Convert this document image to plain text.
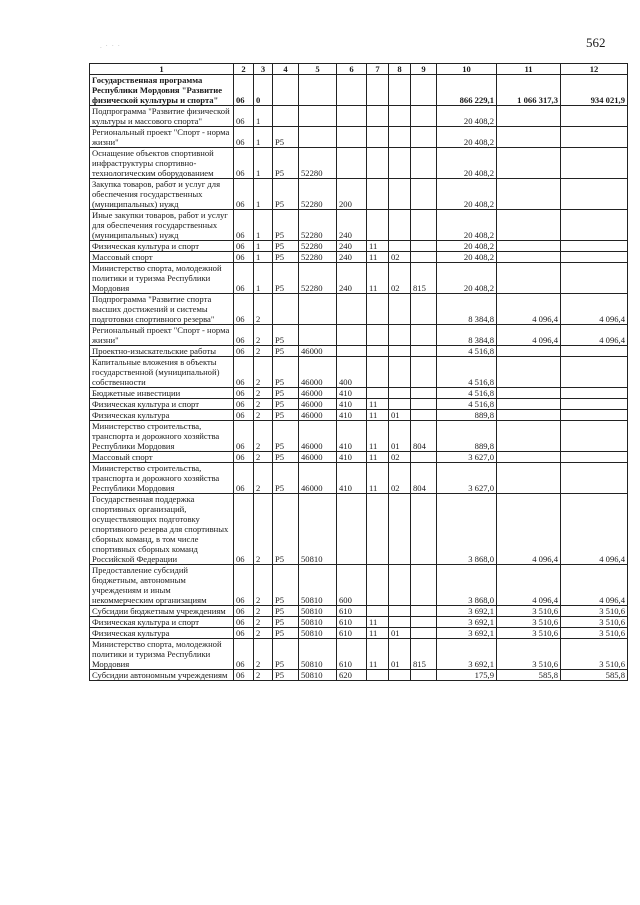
562
. · · ·
1	2	3	4	5	6	7	8	9	10	11	12
Государственная программа Республики Мордовия "Развитие физической культуры и спорта"	06	0							866 229,1	1 066 317,3	934 021,9
Подпрограмма "Развитие физической культуры и массового спорта"	06	1							20 408,2		
Региональный проект "Спорт - норма жизни"	06	1	P5						20 408,2		
Оснащение объектов спортивной инфраструктуры спортивно-технологическим оборудованием	06	1	P5	52280					20 408,2		
Закупка товаров, работ и услуг для обеспечения государственных (муниципальных) нужд	06	1	P5	52280	200				20 408,2		
Иные закупки товаров, работ и услуг для обеспечения государственных (муниципальных) нужд	06	1	P5	52280	240				20 408,2		
Физическая культура и спорт	06	1	P5	52280	240	11			20 408,2		
Массовый спорт	06	1	P5	52280	240	11	02		20 408,2		
Министерство спорта, молодежной политики и туризма Республики Мордовия	06	1	P5	52280	240	11	02	815	20 408,2		
Подпрограмма "Развитие спорта высших достижений и системы подготовки спортивного резерва"	06	2							8 384,8	4 096,4	4 096,4
Региональный проект "Спорт - норма жизни"	06	2	P5						8 384,8	4 096,4	4 096,4
Проектно-изыскательские работы	06	2	P5	46000					4 516,8		
Капитальные вложения в объекты государственной (муниципальной) собственности	06	2	P5	46000	400				4 516,8		
Бюджетные инвестиции	06	2	P5	46000	410				4 516,8		
Физическая культура и спорт	06	2	P5	46000	410	11			4 516,8		
Физическая культура	06	2	P5	46000	410	11	01		889,8		
Министерство строительства, транспорта и дорожного хозяйства Республики Мордовия	06	2	P5	46000	410	11	01	804	889,8		
Массовый спорт	06	2	P5	46000	410	11	02		3 627,0		
Министерство строительства, транспорта и дорожного хозяйства Республики Мордовия	06	2	P5	46000	410	11	02	804	3 627,0		
Государственная поддержка спортивных организаций, осуществляющих подготовку спортивного резерва для спортивных сборных команд, в том числе спортивных сборных команд Российской Федерации	06	2	P5	50810					3 868,0	4 096,4	4 096,4
Предоставление субсидий бюджетным, автономным учреждениям и иным некоммерческим организациям	06	2	P5	50810	600				3 868,0	4 096,4	4 096,4
Субсидии бюджетным учреждениям	06	2	P5	50810	610				3 692,1	3 510,6	3 510,6
Физическая культура и спорт	06	2	P5	50810	610	11			3 692,1	3 510,6	3 510,6
Физическая культура	06	2	P5	50810	610	11	01		3 692,1	3 510,6	3 510,6
Министерство спорта, молодежной политики и туризма Республики Мордовия	06	2	P5	50810	610	11	01	815	3 692,1	3 510,6	3 510,6
Субсидии автономным учреждениям	06	2	P5	50810	620				175,9	585,8	585,8
